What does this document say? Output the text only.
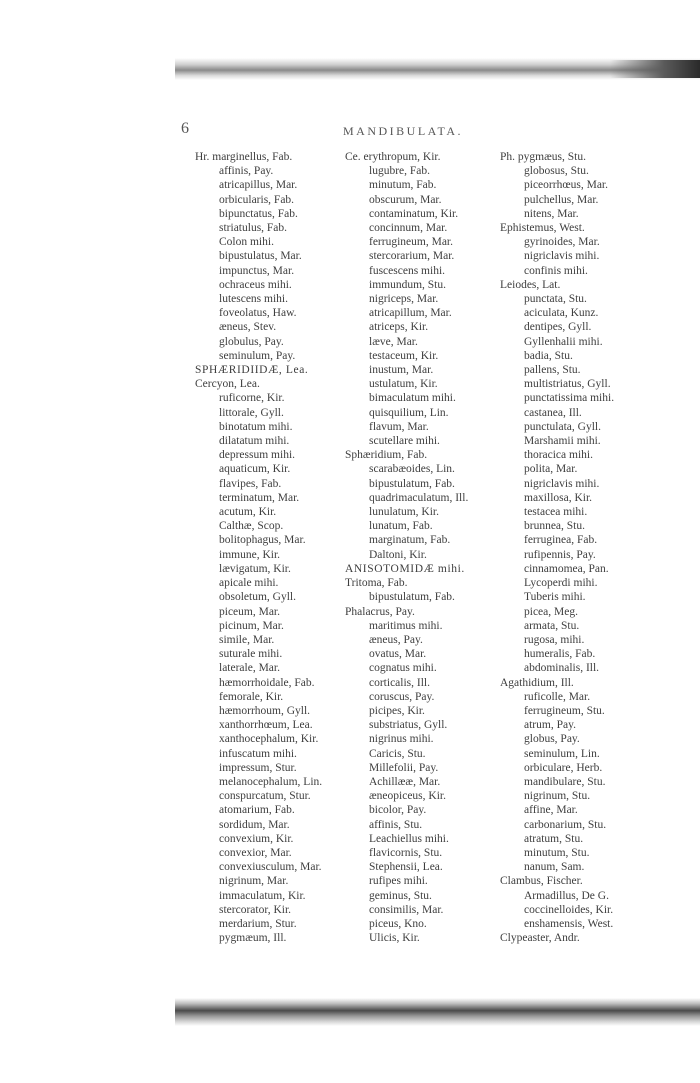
6	MANDIBULATA.
Hr. marginellus, Fab.
affinis, Pay.
atricapillus, Mar.
orbicularis, Fab.
bipunctatus, Fab.
striatulus, Fab.
Colon mihi.
bipustulatus, Mar.
impunctus, Mar.
ochraceus mihi.
lutescens mihi.
foveolatus, Haw.
æneus, Stev.
globulus, Pay.
seminulum, Pay.
SPHÆRIDIIDÆ, Lea.
Cercyon, Lea.
ruficorne, Kir.
littorale, Gyll.
binotatum mihi.
dilatatum mihi.
depressum mihi.
aquaticum, Kir.
flavipes, Fab.
terminatum, Mar.
acutum, Kir.
Calthæ, Scop.
bolitophagus, Mar.
immune, Kir.
lævigatum, Kir.
apicale mihi.
obsoletum, Gyll.
piceum, Mar.
picinum, Mar.
simile, Mar.
suturale mihi.
laterale, Mar.
hæmorrhoidale, Fab.
femorale, Kir.
hæmorrhoum, Gyll.
xanthorrhœum, Lea.
xanthocephalum, Kir.
infuscatum mihi.
impressum, Stur.
melanocephalum, Lin.
conspurcatum, Stur.
atomarium, Fab.
sordidum, Mar.
convexium, Kir.
convexior, Mar.
convexiusculum, Mar.
nigrinum, Mar.
immaculatum, Kir.
stercorator, Kir.
merdarium, Stur.
pygmæum, Ill.
Ce. erythropum, Kir.
lugubre, Fab.
minutum, Fab.
obscurum, Mar.
contaminatum, Kir.
concinnum, Mar.
ferrugineum, Mar.
stercorarium, Mar.
fuscescens mihi.
immundum, Stu.
nigriceps, Mar.
atricapillum, Mar.
atriceps, Kir.
læve, Mar.
testaceum, Kir.
inustum, Mar.
ustulatum, Kir.
bimaculatum mihi.
quisquilium, Lin.
flavum, Mar.
scutellare mihi.
Sphæridium, Fab.
scarabæoides, Lin.
bipustulatum, Fab.
quadrimaculatum, Ill.
lunulatum, Kir.
lunatum, Fab.
marginatum, Fab.
Daltoni, Kir.
ANISOTOMIDÆ mihi.
Tritoma, Fab.
bipustulatum, Fab.
Phalacrus, Pay.
maritimus mihi.
æneus, Pay.
ovatus, Mar.
cognatus mihi.
corticalis, Ill.
coruscus, Pay.
picipes, Kir.
substriatus, Gyll.
nigrinus mihi.
Caricis, Stu.
Millefolii, Pay.
Achillææ, Mar.
æneopiceus, Kir.
bicolor, Pay.
affinis, Stu.
Leachiellus mihi.
flavicornis, Stu.
Stephensii, Lea.
rufipes mihi.
geminus, Stu.
consimilis, Mar.
piceus, Kno.
Ulicis, Kir.
Ph. pygmæus, Stu.
globosus, Stu.
piceorrhœus, Mar.
pulchellus, Mar.
nitens, Mar.
Ephistemus, West.
gyrinoides, Mar.
nigriclavis mihi.
confinis mihi.
Leiodes, Lat.
punctata, Stu.
aciculata, Kunz.
dentipes, Gyll.
Gyllenhalii mihi.
badia, Stu.
pallens, Stu.
multistriatus, Gyll.
punctatissima mihi.
castanea, Ill.
punctulata, Gyll.
Marshamii mihi.
thoracica mihi.
polita, Mar.
nigriclavis mihi.
maxillosa, Kir.
testacea mihi.
brunnea, Stu.
ferruginea, Fab.
rufipennis, Pay.
cinnamomea, Pan.
Lycoperdi mihi.
Tuberis mihi.
picea, Meg.
armata, Stu.
rugosa, mihi.
humeralis, Fab.
abdominalis, Ill.
Agathidium, Ill.
ruficolle, Mar.
ferrugineum, Stu.
atrum, Pay.
globus, Pay.
seminulum, Lin.
orbiculare, Herb.
mandibulare, Stu.
nigrinum, Stu.
affine, Mar.
carbonarium, Stu.
atratum, Stu.
minutum, Stu.
nanum, Sam.
Clambus, Fischer.
Armadillus, De G.
coccinelloides, Kir.
enshamensis, West.
Clypeaster, Andr.
